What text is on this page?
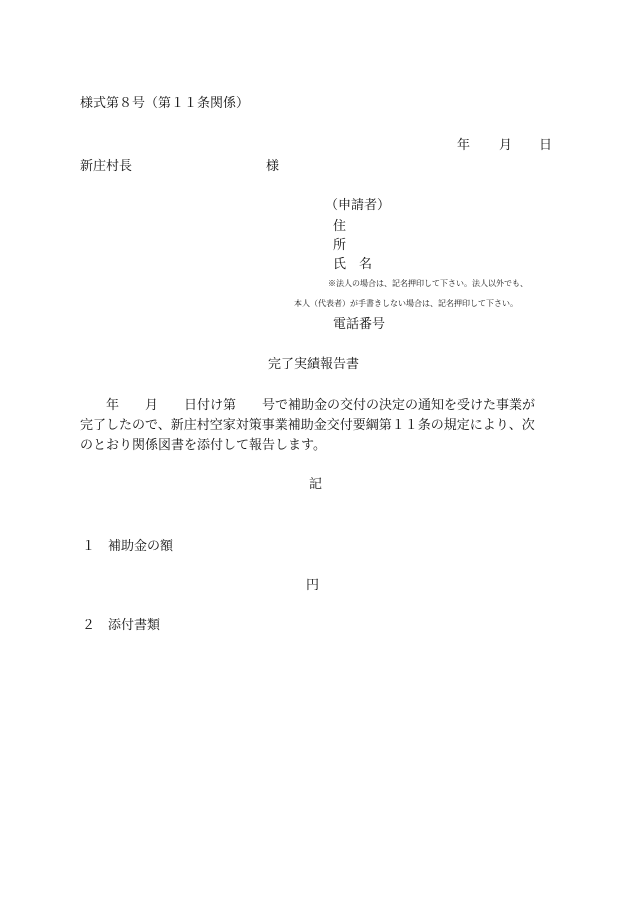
様式第８号（第１１条関係）
年 月 日
新庄村長	様
（申請者）
住
所
氏　名
※法人の場合は、記名押印して下さい。法人以外でも、
本人（代表者）が手書きしない場合は、記名押印して下さい。
電話番号
完了実績報告書
　　年　　月　　日付け第　　号で補助金の交付の決定の通知を受けた事業が
完了したので、新庄村空家対策事業補助金交付要綱第１１条の規定により、次
のとおり関係図書を添付して報告します。
記
１　補助金の額
円
２　添付書類
